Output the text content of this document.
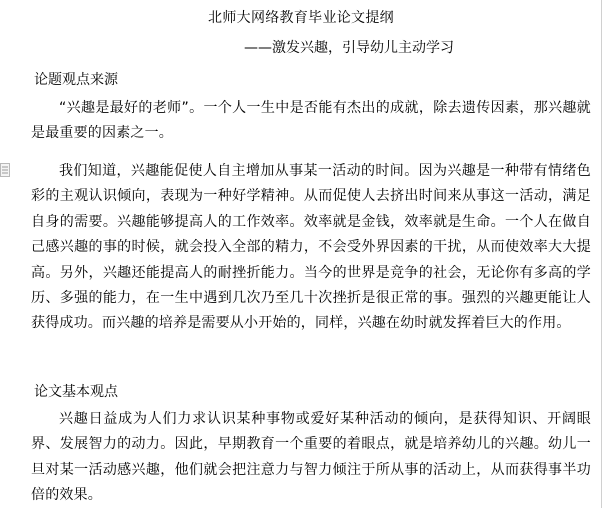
北师大网络教育毕业论文提纲
——激发兴趣，引导幼儿主动学习
论题观点来源
“兴趣是最好的老师”。一个人一生中是否能有杰出的成就，除去遗传因素，那兴趣就是最重要的因素之一。
我们知道，兴趣能促使人自主增加从事某一活动的时间。因为兴趣是一种带有情绪色彩的主观认识倾向，表现为一种好学精神。从而促使人去挤出时间来从事这一活动，满足自身的需要。兴趣能够提高人的工作效率。效率就是金钱，效率就是生命。一个人在做自己感兴趣的事的时候，就会投入全部的精力，不会受外界因素的干扰，从而使效率大大提高。另外，兴趣还能提高人的耐挫折能力。当今的世界是竞争的社会，无论你有多高的学历、多强的能力，在一生中遇到几次乃至几十次挫折是很正常的事。强烈的兴趣更能让人获得成功。而兴趣的培养是需要从小开始的，同样，兴趣在幼时就发挥着巨大的作用。
论文基本观点
兴趣日益成为人们力求认识某种事物或爱好某种活动的倾向，是获得知识、开阔眼界、发展智力的动力。因此，早期教育一个重要的着眼点，就是培养幼儿的兴趣。幼儿一旦对某一活动感兴趣，他们就会把注意力与智力倾注于所从事的活动上，从而获得事半功倍的效果。
